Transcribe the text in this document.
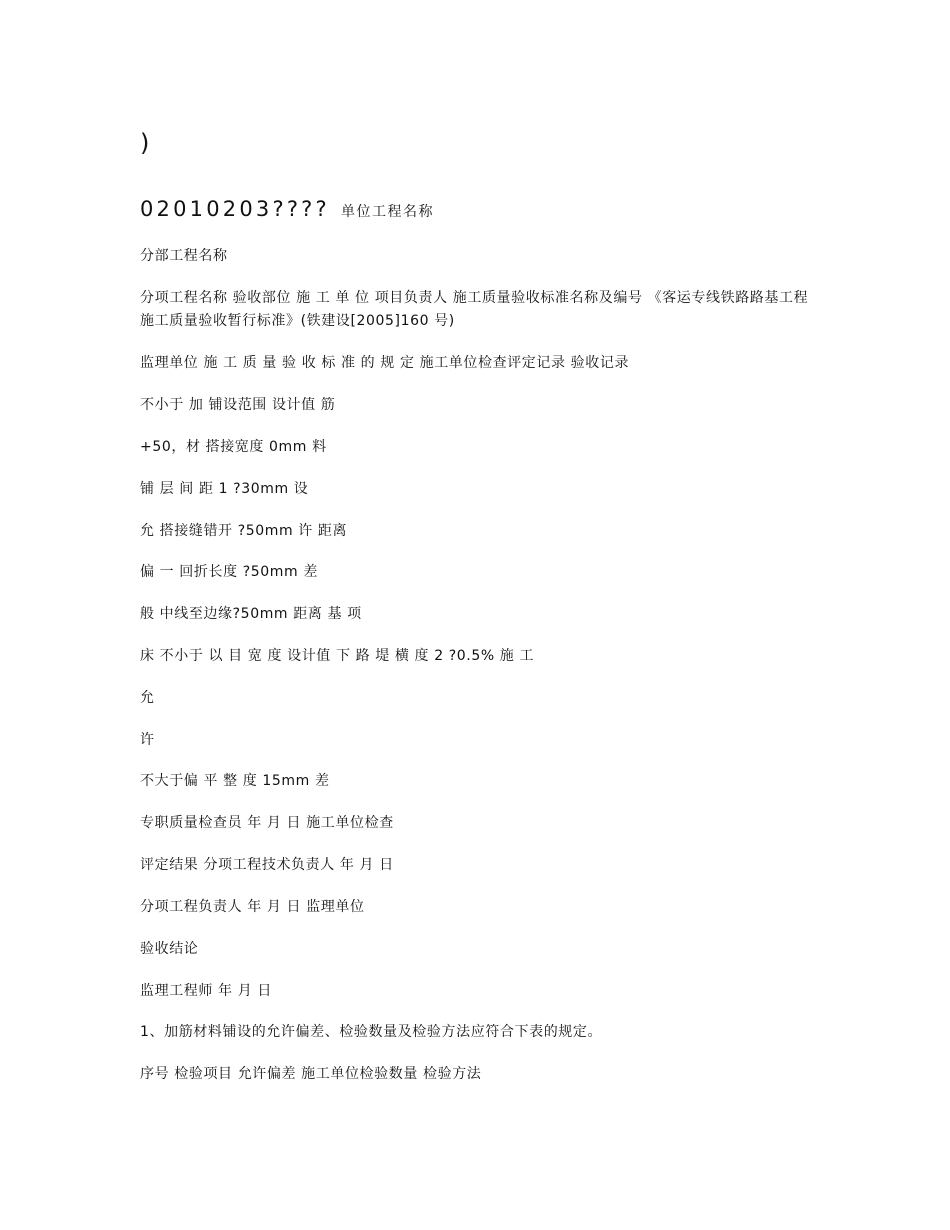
)
02010203???? 单位工程名称
分部工程名称
分项工程名称 验收部位 施 工 单 位 项目负责人 施工质量验收标准名称及编号 《客运专线铁路路基工程施工质量验收暂行标准》(铁建设[2005]160 号)
监理单位 施 工 质 量 验 收 标 准 的 规 定 施工单位检查评定记录 验收记录
不小于 加 铺设范围 设计值 筋
+50，材 搭接宽度 0mm 料
铺 层 间 距 1 ?30mm 设
允 搭接缝错开 ?50mm 许 距离
偏 一 回折长度 ?50mm 差
般 中线至边缘?50mm 距离 基 项
床 不小于 以 目 宽 度 设计值 下 路 堤 横 度 2 ?0.5% 施 工
允
许
不大于偏 平 整 度 15mm 差
专职质量检查员 年 月 日 施工单位检查
评定结果 分项工程技术负责人 年 月 日
分项工程负责人 年 月 日 监理单位
验收结论
监理工程师 年 月 日
1、加筋材料铺设的允许偏差、检验数量及检验方法应符合下表的规定。
序号 检验项目 允许偏差 施工单位检验数量 检验方法
